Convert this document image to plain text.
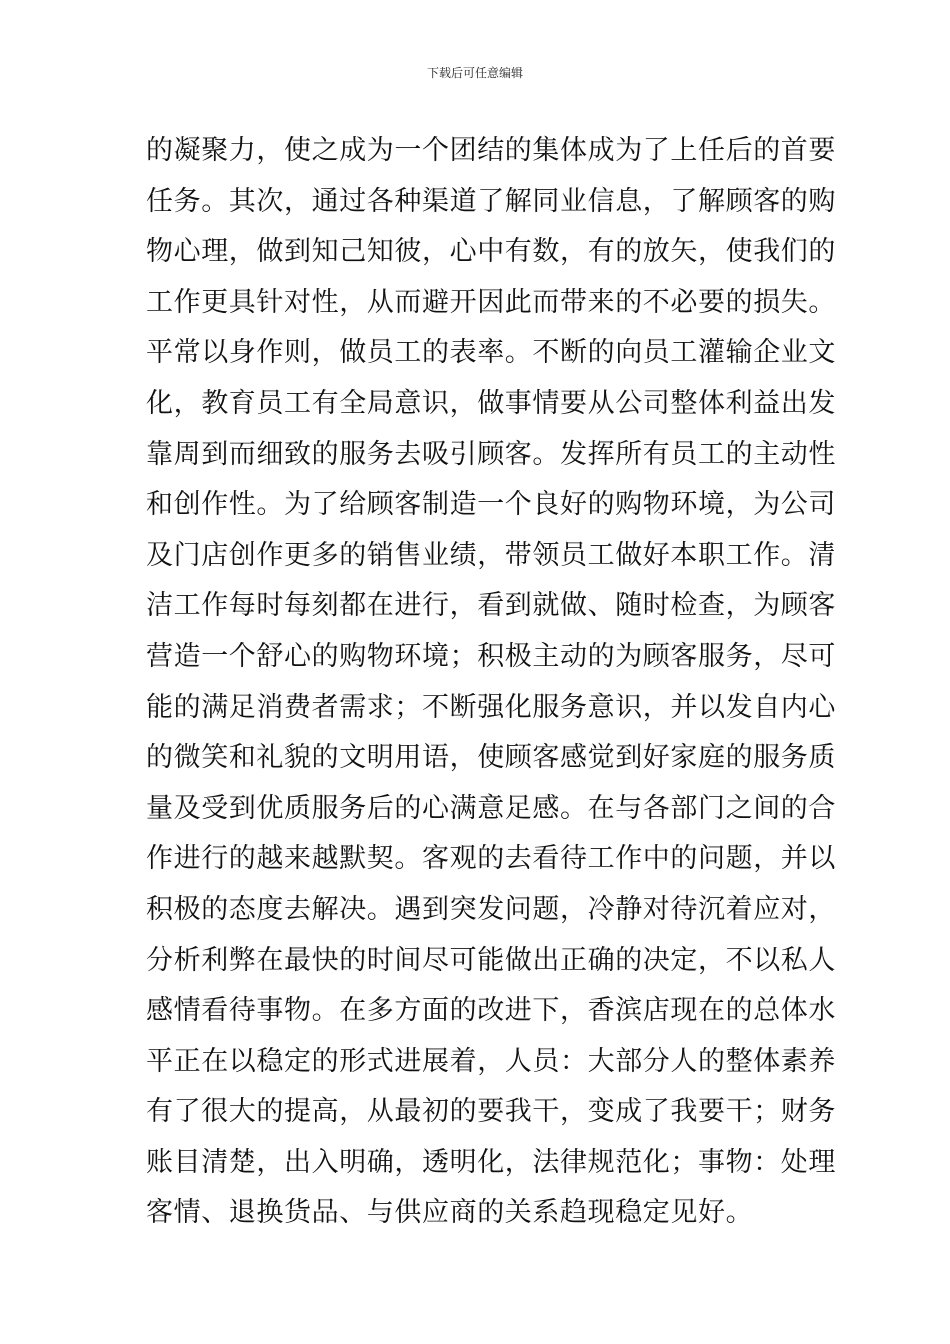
下载后可任意编辑
的凝聚力，使之成为一个团结的集体成为了上任后的首要
任务。其次，通过各种渠道了解同业信息，了解顾客的购
物心理，做到知己知彼，心中有数，有的放矢，使我们的
工作更具针对性，从而避开因此而带来的不必要的损失。
平常以身作则，做员工的表率。不断的向员工灌输企业文
化，教育员工有全局意识，做事情要从公司整体利益出发
靠周到而细致的服务去吸引顾客。发挥所有员工的主动性
和创作性。为了给顾客制造一个良好的购物环境，为公司
及门店创作更多的销售业绩，带领员工做好本职工作。清
洁工作每时每刻都在进行，看到就做、随时检查，为顾客
营造一个舒心的购物环境；积极主动的为顾客服务，尽可
能的满足消费者需求；不断强化服务意识，并以发自内心
的微笑和礼貌的文明用语，使顾客感觉到好家庭的服务质
量及受到优质服务后的心满意足感。在与各部门之间的合
作进行的越来越默契。客观的去看待工作中的问题，并以
积极的态度去解决。遇到突发问题，冷静对待沉着应对，
分析利弊在最快的时间尽可能做出正确的决定，不以私人
感情看待事物。在多方面的改进下，香滨店现在的总体水
平正在以稳定的形式进展着，人员：大部分人的整体素养
有了很大的提高，从最初的要我干，变成了我要干；财务
账目清楚，出入明确，透明化，法律规范化；事物：处理
客情、退换货品、与供应商的关系趋现稳定见好。
